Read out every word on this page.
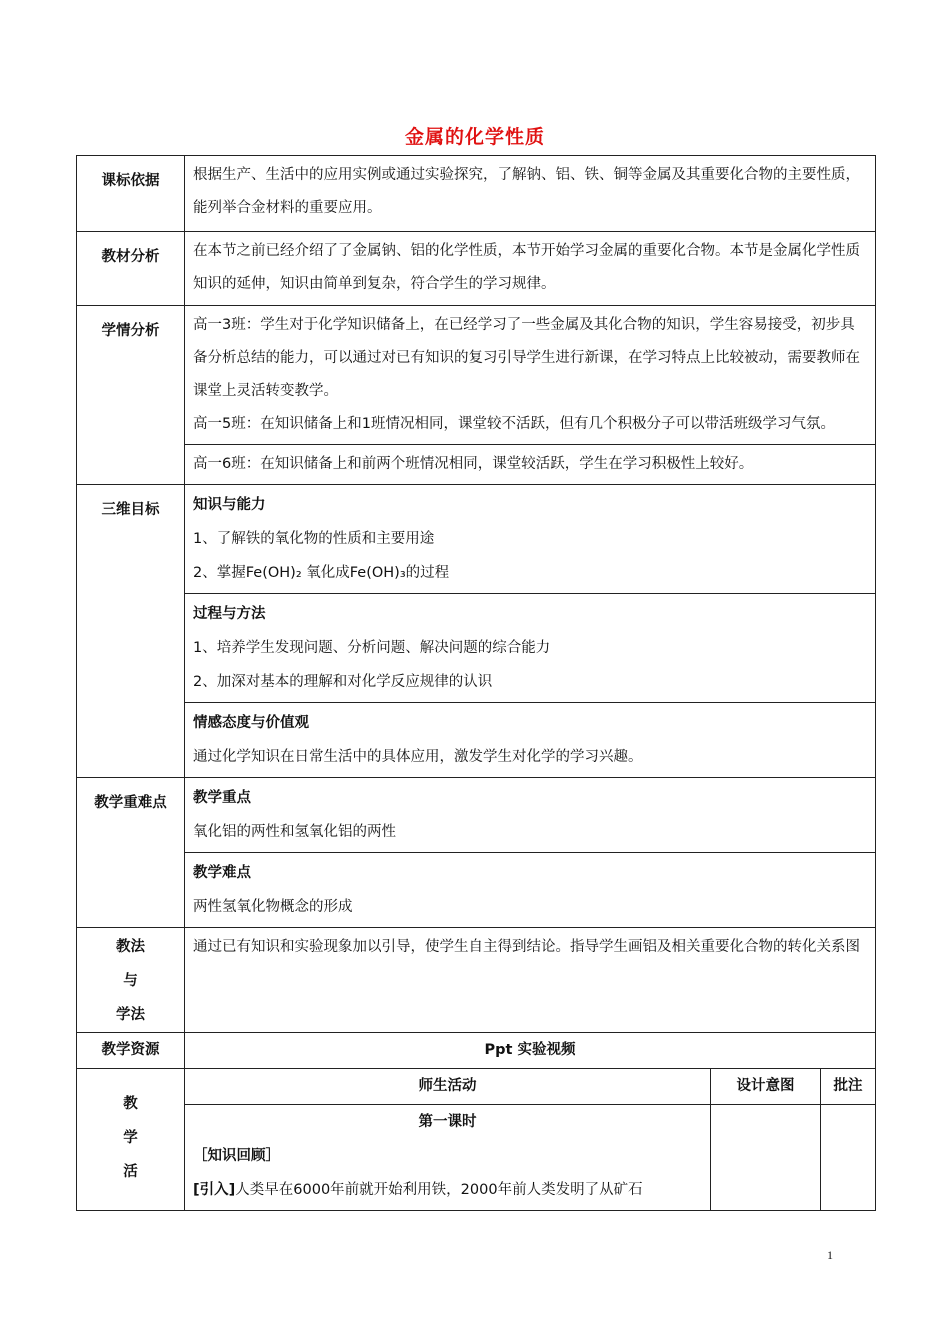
金属的化学性质
课标依据	根据生产、生活中的应用实例或通过实验探究，了解钠、铝、铁、铜等金属及其重要化合物的主要性质，能列举合金材料的重要应用。		
教材分析	在本节之前已经介绍了了金属钠、铝的化学性质，本节开始学习金属的重要化合物。本节是金属化学性质知识的延伸，知识由简单到复杂，符合学生的学习规律。		
学情分析	高一3班：学生对于化学知识储备上，在已经学习了一些金属及其化合物的知识，学生容易接受，初步具备分析总结的能力，可以通过对已有知识的复习引导学生进行新课，在学习特点上比较被动，需要教师在课堂上灵活转变教学。

高一5班：在知识储备上和1班情况相同，课堂较不活跃，但有几个积极分子可以带活班级学习气氛。		

	高一6班：在知识储备上和前两个班情况相同，课堂较活跃，学生在学习积极性上较好。		
三维目标	知识与能力

1、了解铁的氧化物的性质和主要用途

2、掌握Fe(OH)₂ 氧化成Fe(OH)₃的过程		

	过程与方法

1、培养学生发现问题、分析问题、解决问题的综合能力

2、加深对基本的理解和对化学反应规律的认识		

	情感态度与价值观

通过化学知识在日常生活中的具体应用，激发学生对化学的学习兴趣。		

教学重难点	教学重点

氧化铝的两性和氢氧化铝的两性		

	教学难点

两性氢氧化物概念的形成		

教法
与
学法	通过已有知识和实验现象加以引导，使学生自主得到结论。指导学生画铝及相关重要化合物的转化关系图		
教学资源	Ppt 实验视频		

教
学
活	师生活动	设计意图	批注

	第一课时

［知识回顾］

[引入]人类早在6000年前就开始利用铁，2000年前人类发明了从矿石		

1
